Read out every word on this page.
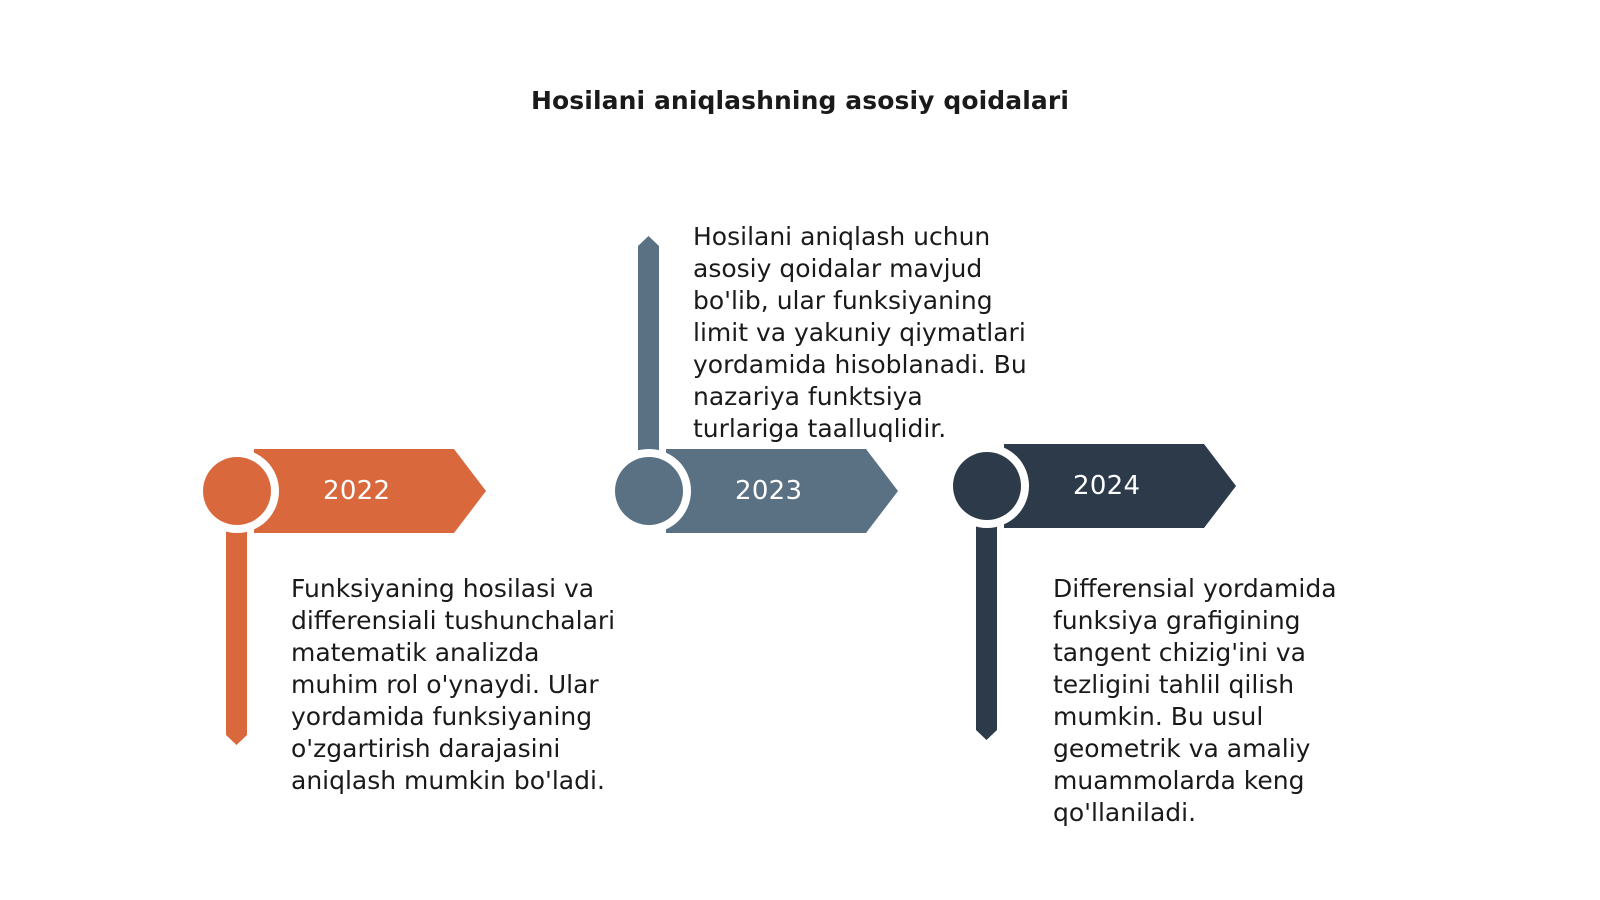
Hosilani aniqlashning asosiy qoidalari
2022
Funksiyaning hosilasi va
differensiali tushunchalari
matematik analizda
muhim rol o'ynaydi. Ular
yordamida funksiyaning
o'zgartirish darajasini
aniqlash mumkin bo'ladi.
2023
Hosilani aniqlash uchun
asosiy qoidalar mavjud
bo'lib, ular funksiyaning
limit va yakuniy qiymatlari
yordamida hisoblanadi. Bu
nazariya funktsiya
turlariga taalluqlidir.
2024
Differensial yordamida
funksiya grafigining
tangent chizig'ini va
tezligini tahlil qilish
mumkin. Bu usul
geometrik va amaliy
muammolarda keng
qo'llaniladi.
